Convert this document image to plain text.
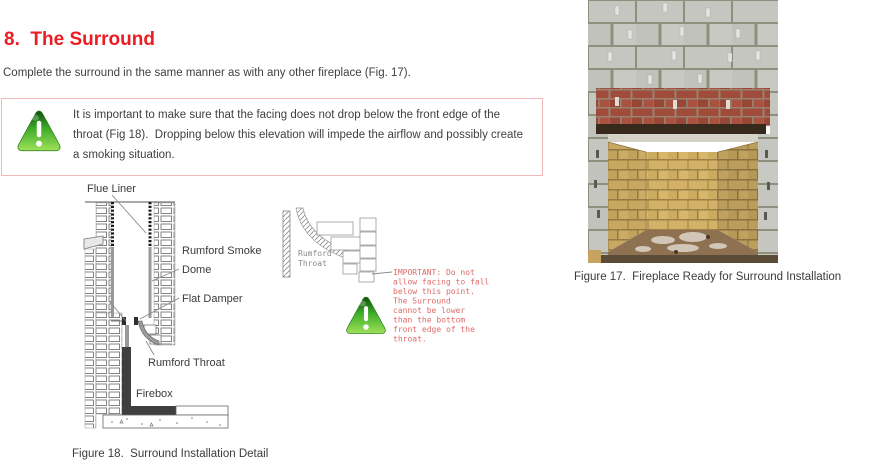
8.  The Surround
Complete the surround in the same manner as with any other fireplace (Fig. 17).
It is important to make sure that the facing does not drop below the front edge of the
throat (Fig 18).  Dropping below this elevation will impede the airflow and possibly create
a smoking situation.
Flue Liner
Rumford Smoke
Dome
Flat Damper
Rumford Throat
Firebox
Figure 18.  Surround Installation Detail
Rumford Throat
IMPORTANT: Do not allow facing to fall below this point. The Surround cannot be lower than the bottom front edge of the throat.
Figure 17.  Fireplace Ready for Surround Installation
